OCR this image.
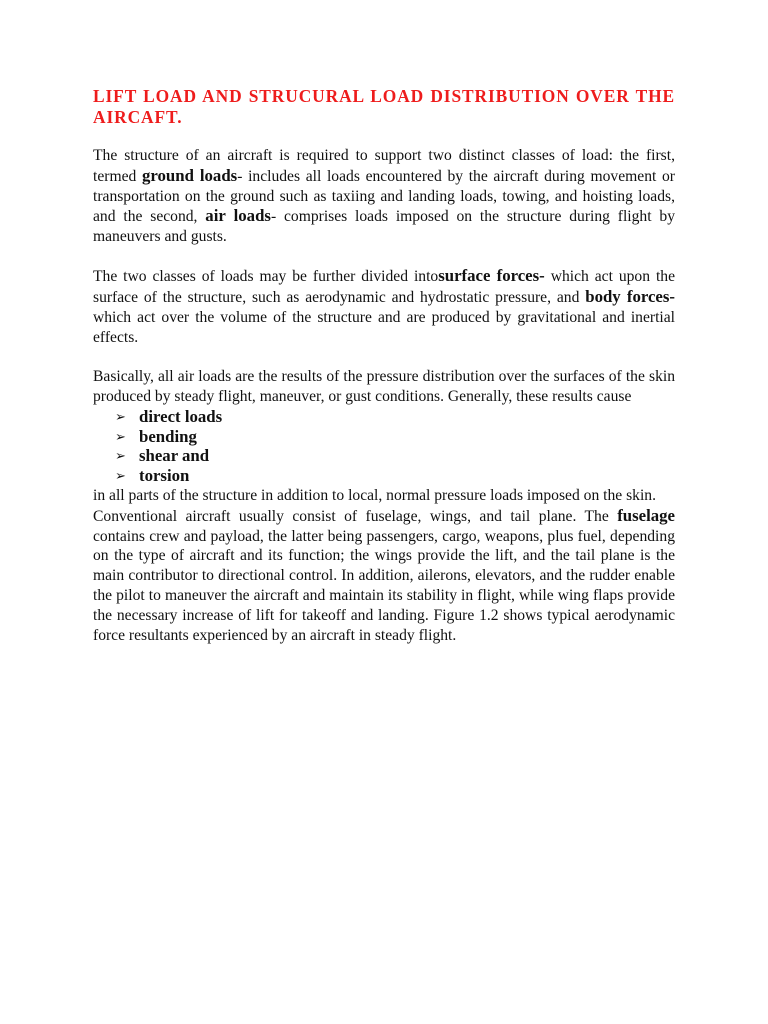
LIFT LOAD AND STRUCURAL LOAD DISTRIBUTION OVER THE AIRCAFT.

The structure of an aircraft is required to support two distinct classes of load: the first, termed ground loads- includes all loads encountered by the aircraft during movement or transportation on the ground such as taxiing and landing loads, towing, and hoisting loads, and the second, air loads- comprises loads imposed on the structure during flight by maneuvers and gusts.

The two classes of loads may be further divided intosurface forces- which act upon the surface of the structure, such as aerodynamic and hydrostatic pressure, and body forces- which act over the volume of the structure and are produced by gravitational and inertial effects.

Basically, all air loads are the results of the pressure distribution over the surfaces of the skin produced by steady flight, maneuver, or gust conditions. Generally, these results cause

➢ direct loads
➢ bending
➢ shear and
➢ torsion

in all parts of the structure in addition to local, normal pressure loads imposed on the skin.

Conventional aircraft usually consist of fuselage, wings, and tail plane. The fuselage contains crew and payload, the latter being passengers, cargo, weapons, plus fuel, depending on the type of aircraft and its function; the wings provide the lift, and the tail plane is the main contributor to directional control. In addition, ailerons, elevators, and the rudder enable the pilot to maneuver the aircraft and maintain its stability in flight, while wing flaps provide the necessary increase of lift for takeoff and landing. Figure 1.2 shows typical aerodynamic force resultants experienced by an aircraft in steady flight.
